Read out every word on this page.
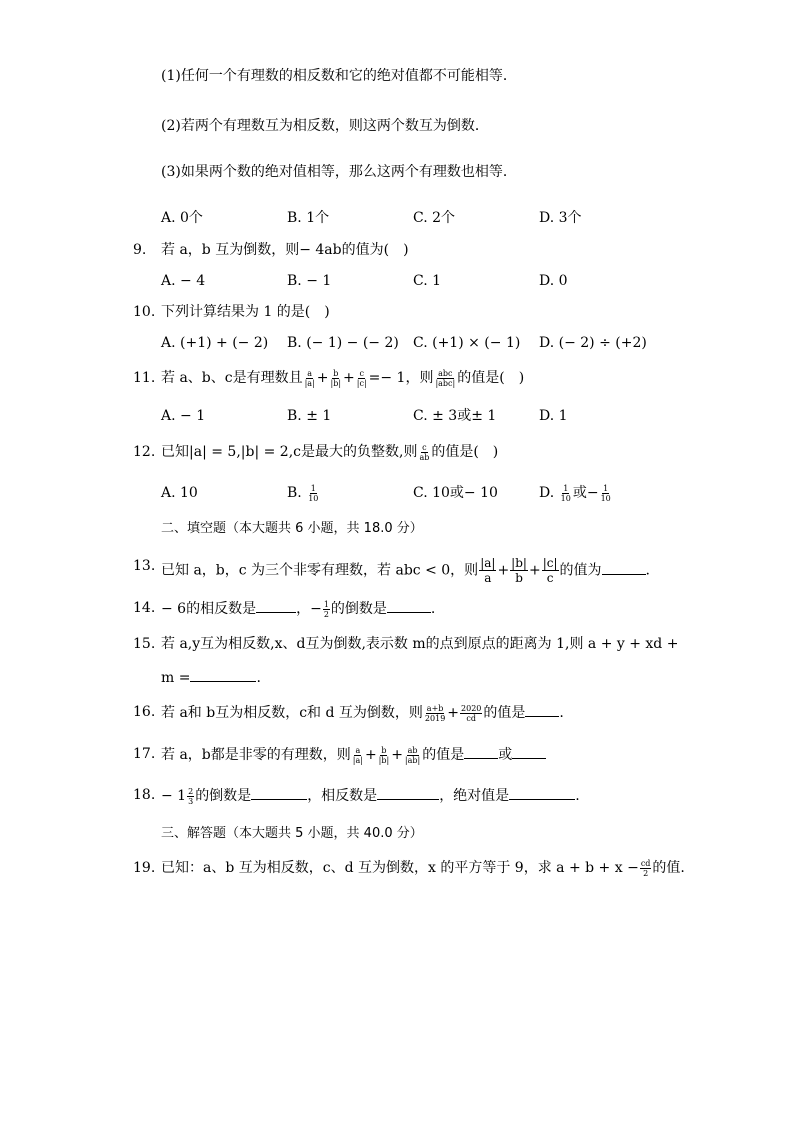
(1)任何一个有理数的相反数和它的绝对值都不可能相等．
(2)若两个有理数互为相反数，则这两个数互为倒数．
(3)如果两个数的绝对值相等，那么这两个有理数也相等．
A. 0个	B. 1个	C. 2个	D. 3个
9. 若 a，b 互为倒数，则− 4ab的值为(　)
A. − 4	B. − 1	C. 1	D. 0
10. 下列计算结果为 1 的是(　)
A. (+1) + (− 2) B. (− 1) − (− 2) C. (+1) × (− 1) D. (− 2) ÷ (+2)
11. 若 a、b、c是有理数且 $\frac{a}{|a|} + \frac{b}{|b|} + \frac{c}{|c|} =- 1$，则 $\frac{\text{abc}}{\text{|abc|}}$ 的值是(　)
A. − 1	B. ± 1	C. ± 3或± 1	D. 1
12. 已知|a| = 5,|b| = 2,c是最大的负整数,则 $\frac{c}{ab}$ 的值是(　)
A. 10	B. $\frac{1}{10}$	C. 10或− 10	D. $\frac{1}{10}$ 或− $\frac{1}{10}$
二、填空题（本大题共 6 小题，共 18.0 分）
13. 已知 a，b，c 为三个非零有理数，若 abc < 0，则 $\frac{|a|}{a} + \frac{|b|}{b} + \frac{|c|}{c}$ 的值为	.
14. − 6的相反数是	，− $\frac{1}{2}$ 的倒数是	.
15. 若 a,y互为相反数,x、d互为倒数,表示数 m的点到原点的距离为 1,则 a + y + xd +
m =	.
16. 若 a和 b互为相反数，c和 d 互为倒数，则 $\frac{a+b}{2019} + \frac{2020}{cd}$ 的值是 .
17. 若 a，b都是非零的有理数，则 $\frac{a}{|a|} + \frac{b}{|b|} + \frac{ab}{|ab|}$ 的值是 或
18. − $1 \frac{2}{3}$ 的倒数是	，相反数是	，绝对值是	.
三、解答题（本大题共 5 小题，共 40.0 分）
19. 已知：a、b 互为相反数，c、d 互为倒数，x 的平方等于 9，求 $a + b + x - \frac{cd}{2}$ 的值.
